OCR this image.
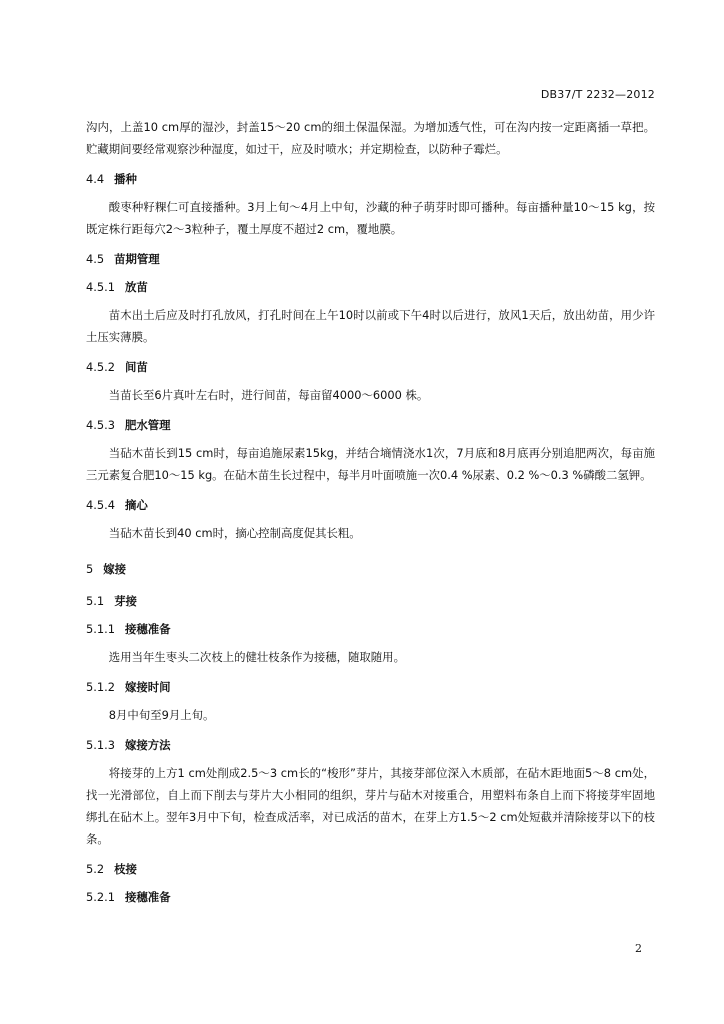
DB37/T 2232—2012

沟内，上盖10 cm厚的湿沙，封盖15～20 cm的细土保温保湿。为增加透气性，可在沟内按一定距离插一草把。贮藏期间要经常观察沙种湿度，如过干，应及时喷水；并定期检查，以防种子霉烂。

4.4 播种

酸枣种籽粿仁可直接播种。3月上旬～4月上中旬，沙藏的种子萌芽时即可播种。每亩播种量10～15 kg，按既定株行距每穴2～3粒种子，覆土厚度不超过2 cm，覆地膜。

4.5 苗期管理
4.5.1 放苗

苗木出土后应及时打孔放风，打孔时间在上午10时以前或下午4时以后进行，放风1天后，放出幼苗，用少许土压实薄膜。

4.5.2 间苗

当苗长至6片真叶左右时，进行间苗，每亩留4000～6000 株。

4.5.3 肥水管理

当砧木苗长到15 cm时，每亩追施尿素15kg，并结合墒情浇水1次，7月底和8月底再分别追肥两次，每亩施三元素复合肥10～15 kg。在砧木苗生长过程中，每半月叶面喷施一次0.4 %尿素、0.2 %～0.3 %磷酸二氢钾。

4.5.4 摘心

当砧木苗长到40 cm时，摘心控制高度促其长粗。

5 嫁接
5.1 芽接
5.1.1 接穗准备

选用当年生枣头二次枝上的健壮枝条作为接穗，随取随用。

5.1.2 嫁接时间

8月中旬至9月上旬。

5.1.3 嫁接方法

将接芽的上方1 cm处削成2.5～3 cm长的“梭形”芽片，其接芽部位深入木质部，在砧木距地面5～8 cm处，找一光滑部位，自上而下削去与芽片大小相同的组织，芽片与砧木对接重合，用塑料布条自上而下将接芽牢固地绑扎在砧木上。翌年3月中下旬，检查成活率，对已成活的苗木，在芽上方1.5～2 cm处短截并清除接芽以下的枝条。

5.2 枝接
5.2.1 接穗准备
2
